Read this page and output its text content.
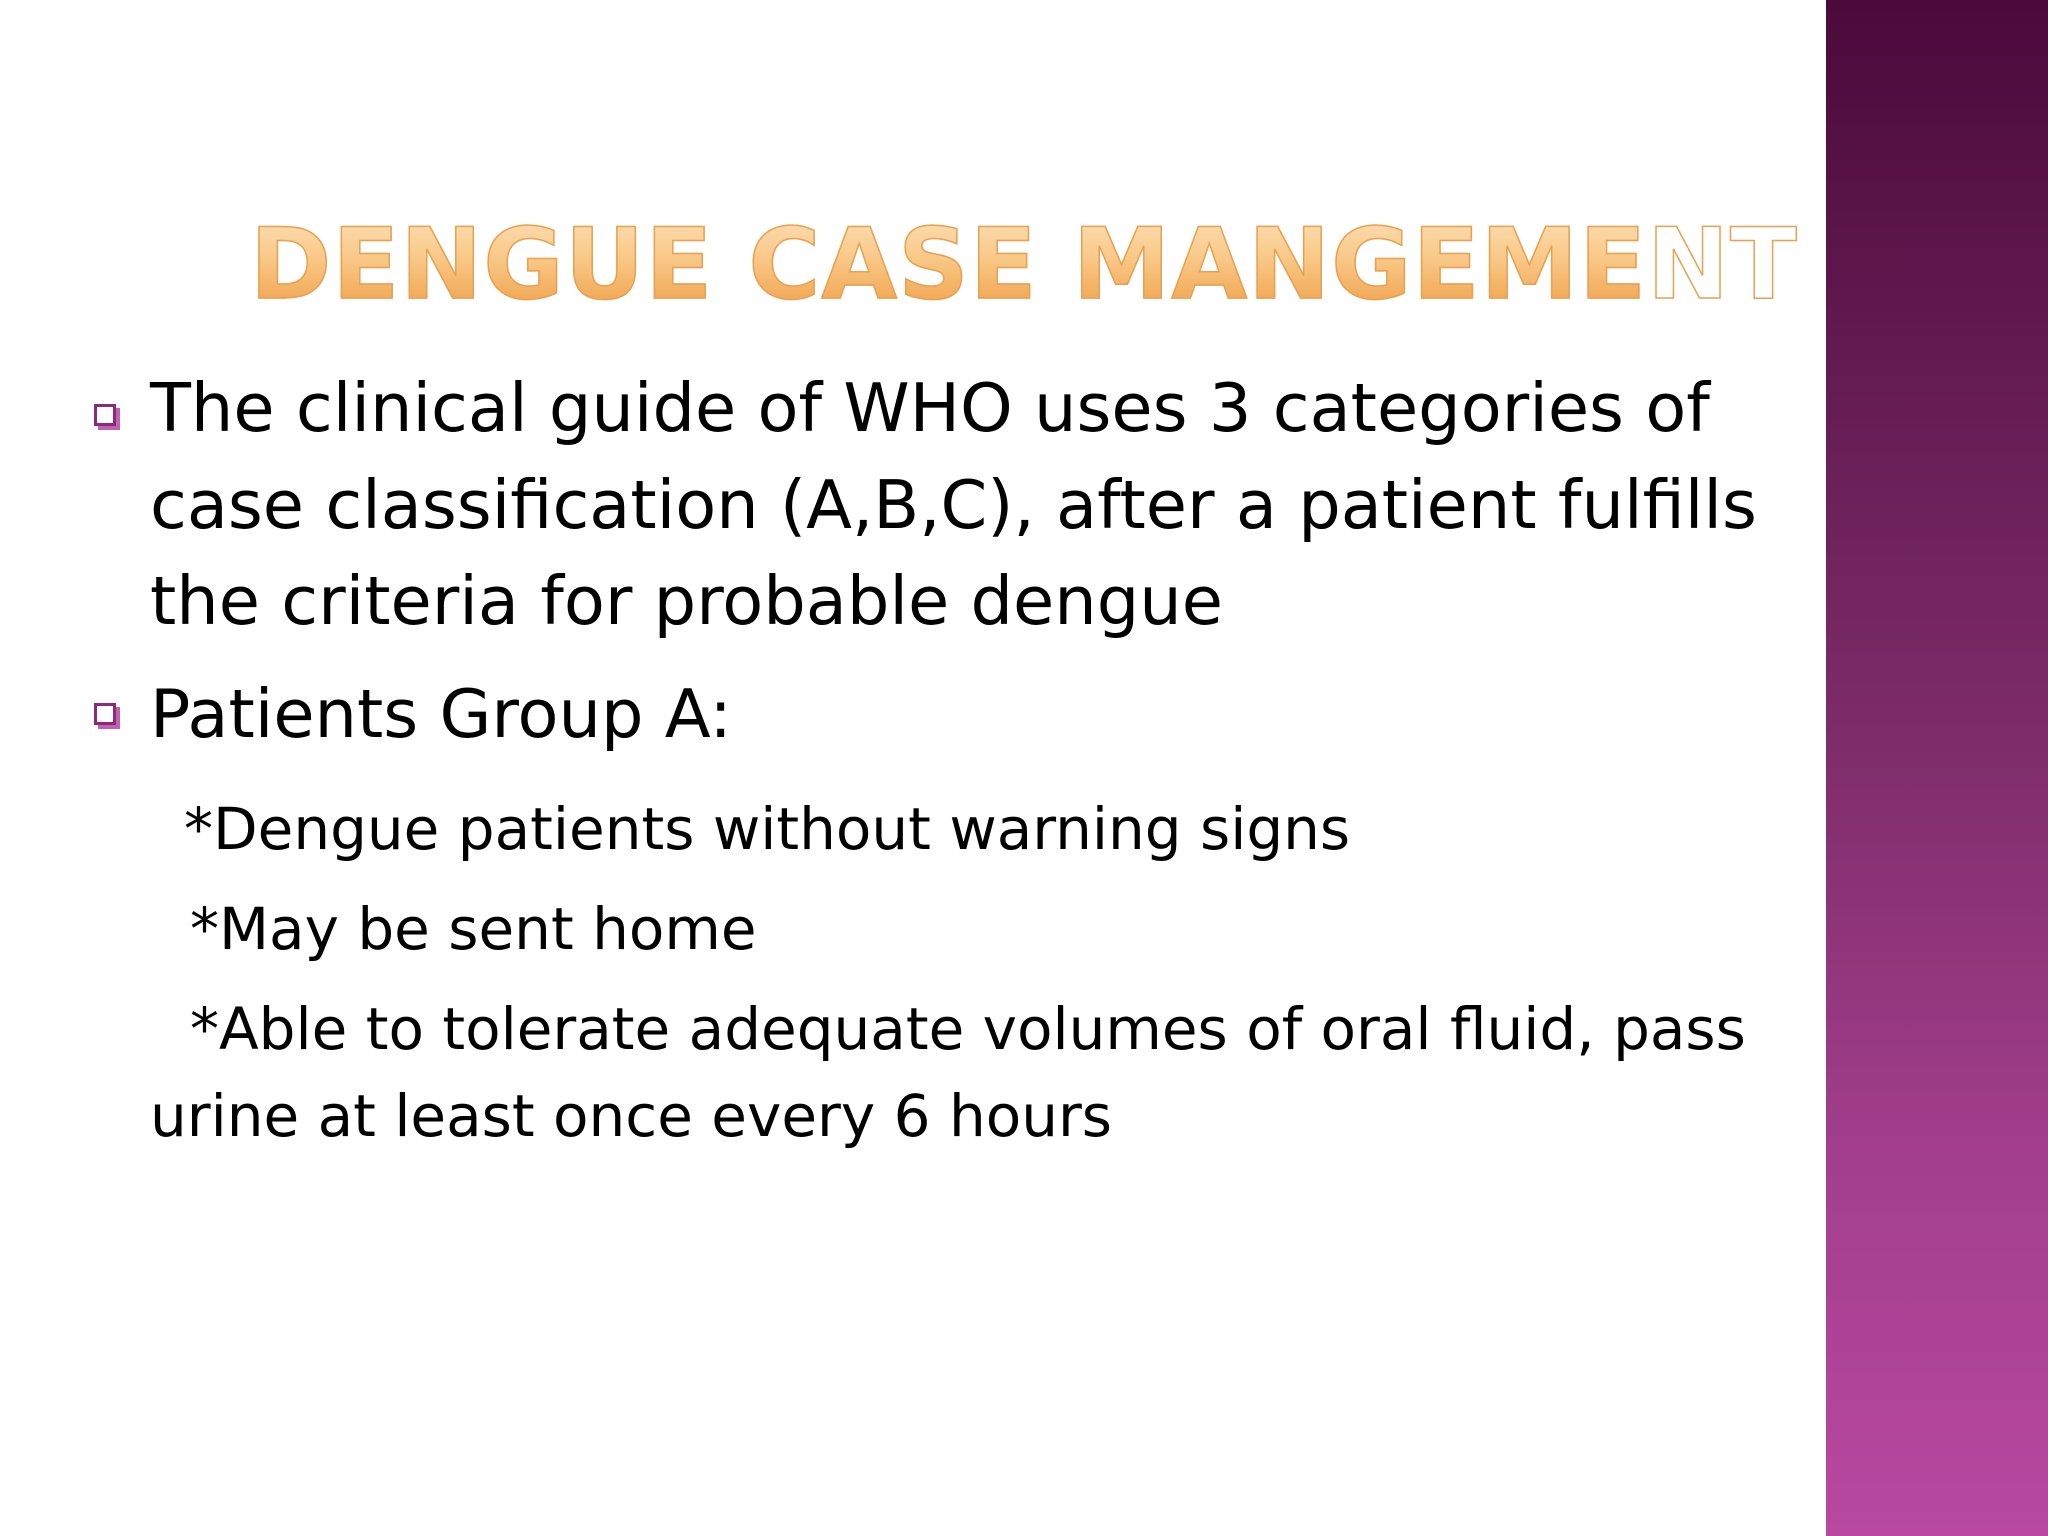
DENGUE CASE MANGEMENT
The clinical guide of WHO uses 3 categories of
case classification (A,B,C), after a patient fulfills
the criteria for probable dengue
Patients Group A:
*Dengue patients without warning signs
*May be sent home
*Able to tolerate adequate volumes of oral fluid, pass
urine at least once every 6 hours
